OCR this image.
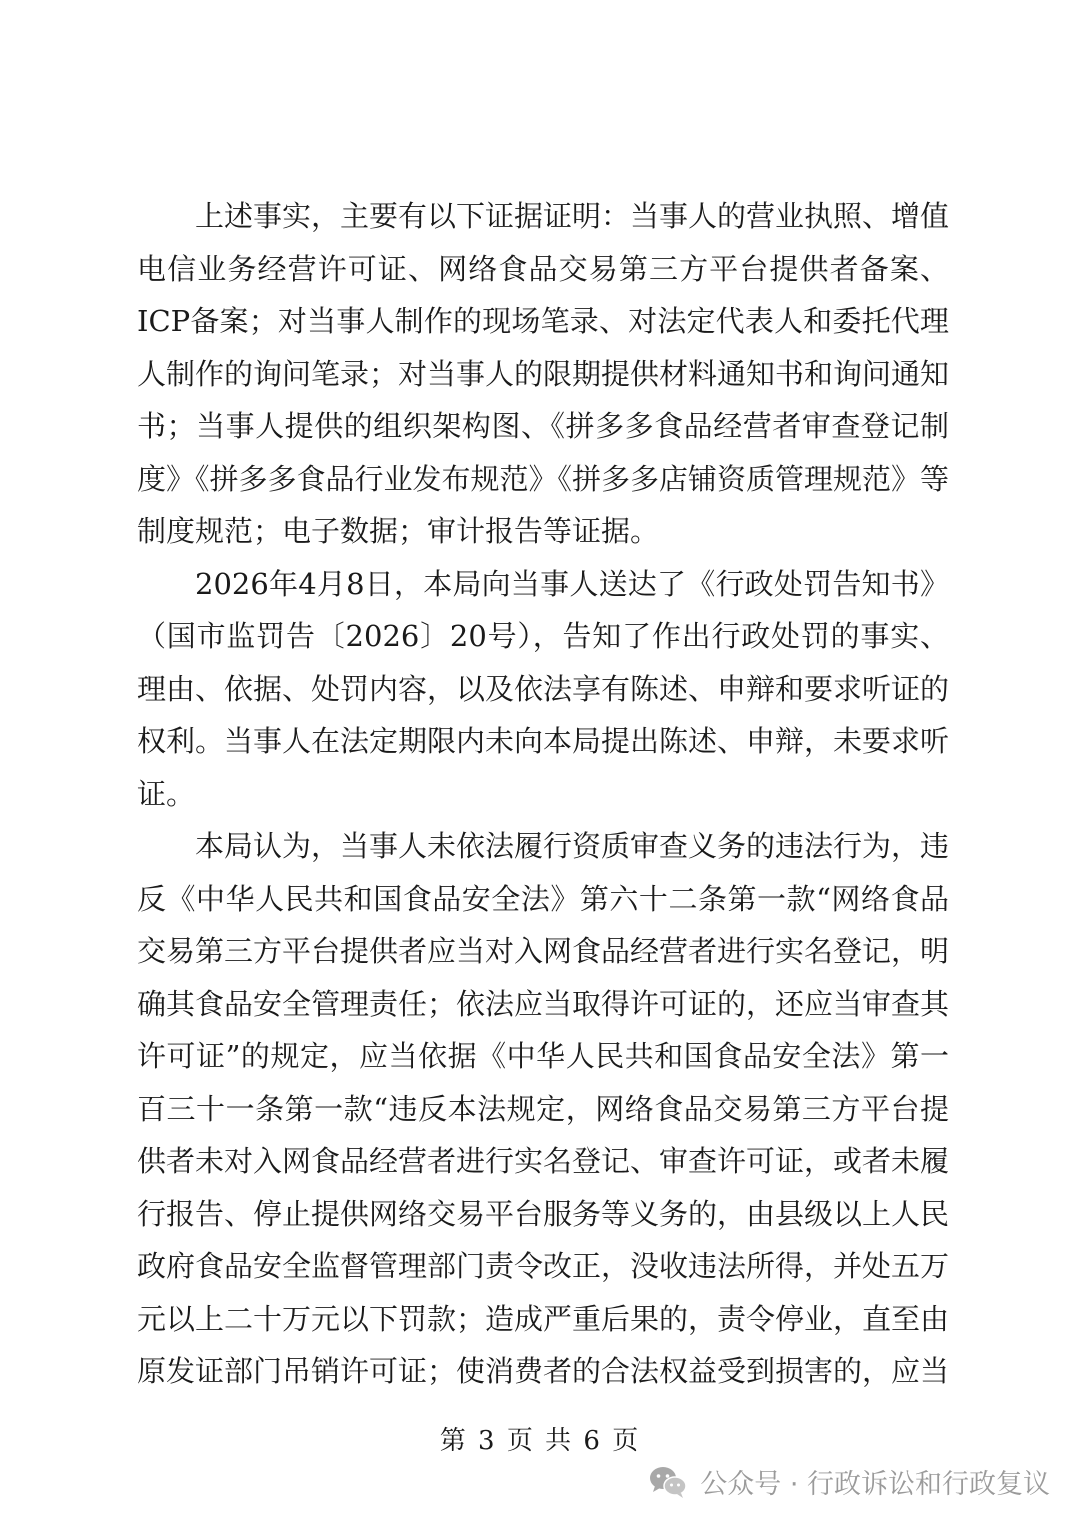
上述事实，主要有以下证据证明：当事人的营业执照、增值电信业务经营许可证、网络食品交易第三方平台提供者备案、ICP备案；对当事人制作的现场笔录、对法定代表人和委托代理人制作的询问笔录；对当事人的限期提供材料通知书和询问通知书；当事人提供的组织架构图、《拼多多食品经营者审查登记制度》《拼多多食品行业发布规范》《拼多多店铺资质管理规范》等制度规范；电子数据；审计报告等证据。

2026年4月8日，本局向当事人送达了《行政处罚告知书》（国市监罚告〔2026〕20号），告知了作出行政处罚的事实、理由、依据、处罚内容，以及依法享有陈述、申辩和要求听证的权利。当事人在法定期限内未向本局提出陈述、申辩，未要求听证。

本局认为，当事人未依法履行资质审查义务的违法行为，违反《中华人民共和国食品安全法》第六十二条第一款“网络食品交易第三方平台提供者应当对入网食品经营者进行实名登记，明确其食品安全管理责任；依法应当取得许可证的，还应当审查其许可证”的规定，应当依据《中华人民共和国食品安全法》第一百三十一条第一款“违反本法规定，网络食品交易第三方平台提供者未对入网食品经营者进行实名登记、审查许可证，或者未履行报告、停止提供网络交易平台服务等义务的，由县级以上人民政府食品安全监督管理部门责令改正，没收违法所得，并处五万元以上二十万元以下罚款；造成严重后果的，责令停业，直至由原发证部门吊销许可证；使消费者的合法权益受到损害的，应当

第 3 页 共 6 页
公众号 · 行政诉讼和行政复议
